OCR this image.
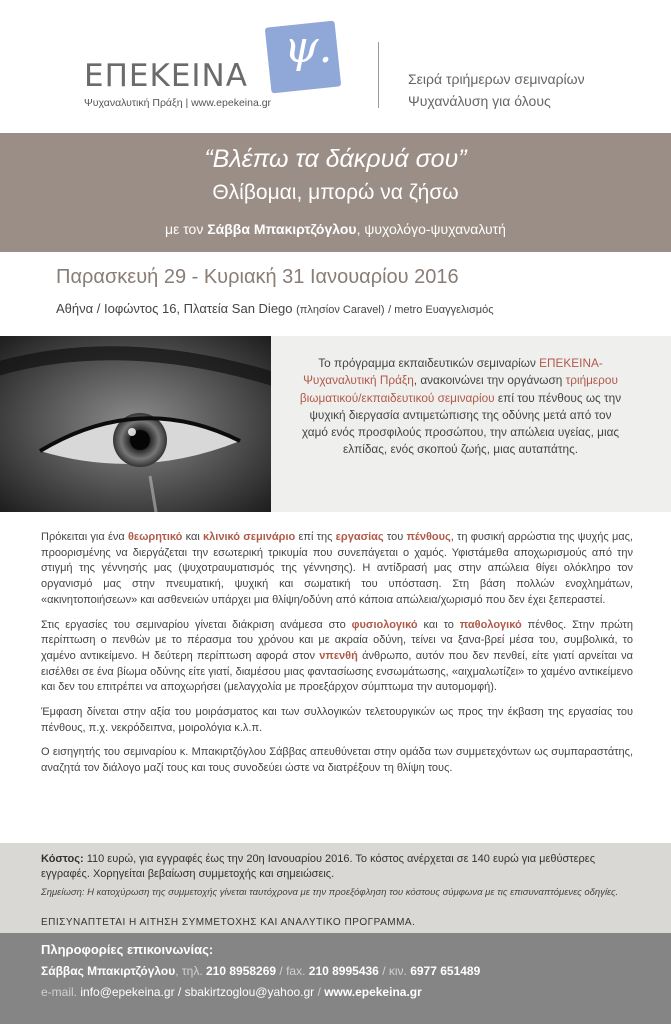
ψ.
ΕΠΕΚΕΙΝΑ
Ψυχαναλυτική Πράξη | www.epekeina.gr
Σειρά τριήμερων σεμιναρίων
Ψυχανάλυση για όλους
“Βλέπω τα δάκρυά σου”
Θλίβομαι, μπορώ να ζήσω
με τον Σάββα Μπακιρτζόγλου, ψυχολόγο-ψυχαναλυτή
Παρασκευή 29 - Κυριακή 31 Ιανουαρίου 2016
Αθήνα / Ιοφώντος 16, Πλατεία San Diego (πλησίον Caravel) / metro Ευαγγελισμός
Το πρόγραμμα εκπαιδευτικών σεμιναρίων ΕΠΕΚΕΙΝΑ-Ψυχαναλυτική Πράξη, ανακοινώνει την οργάνωση τριήμερου βιωματικού/εκπαιδευτικού σεμιναρίου επί του πένθους ως την ψυχική διεργασία αντιμετώπισης της οδύνης μετά από τον χαμό ενός προσφιλούς προσώπου, την απώλεια υγείας, μιας ελπίδας, ενός σκοπού ζωής, μιας αυταπάτης.

Πρόκειται για ένα θεωρητικό και κλινικό σεμινάριο επί της εργασίας του πένθους, τη φυσική αρρώστια της ψυχής μας, προορισμένης να διεργάζεται την εσωτερική τρικυμία που συνεπάγεται ο χαμός. Υφιστάμεθα αποχωρισμούς από την στιγμή της γέννησής μας (ψυχοτραυματισμός της γέννησης). Η αντίδρασή μας στην απώλεια θίγει ολόκληρο τον οργανισμό μας στην πνευματική, ψυχική και σωματική του υπόσταση. Στη βάση πολλών ενοχλημάτων, «ακινητοποιήσεων» και ασθενειών υπάρχει μια θλίψη/οδύνη από κάποια απώλεια/χωρισμό που δεν έχει ξεπεραστεί.

Στις εργασίες του σεμιναρίου γίνεται διάκριση ανάμεσα στο φυσιολογικό και το παθολογικό πένθος. Στην πρώτη περίπτωση ο πενθών με το πέρασμα του χρόνου και με ακραία οδύνη, τείνει να ξανα-βρεί μέσα του, συμβολικά, το χαμένο αντικείμενο. Η δεύτερη περίπτωση αφορά στον ν​πενθή άνθρωπο, αυτόν που δεν πενθεί, είτε γιατί αρνείται να εισέλθει σε ένα βίωμα οδύνης είτε γιατί, διαμέσου μιας φαντασίωσης ενσωμάτωσης, «αιχμαλωτίζει» το χαμένο αντικείμενο και δεν του επιτρέπει να αποχωρήσει (μελαγχολία με προεξάρχον σύμπτωμα την αυτομομφή).

Έμφαση δίνεται στην αξία του μοιράσματος και των συλλογικών τελετουργικών ως προς την έκβαση της εργασίας του πένθους, π.χ. νεκρόδειπνα, μοιρολόγια κ.λ.π.

Ο εισηγητής του σεμιναρίου κ. Μπακιρτζόγλου Σάββας απευθύνεται στην ομάδα των συμμετεχόντων ως συμπαραστάτης, αναζητά τον διάλογο μαζί τους και τους συνοδεύει ώστε να διατρέξουν τη θλίψη τους.

Κόστος: 110 ευρώ, για εγγραφές έως την 20η Ιανουαρίου 2016. Το κόστος ανέρχεται σε 140 ευρώ για μεθύστερες εγγραφές. Χορηγείται βεβαίωση συμμετοχής και σημειώσεις.
Σημείωση: Η κατοχύρωση της συμμετοχής γίνεται ταυτόχρονα με την προεξόφληση του κόστους σύμφωνα με τις επισυναπτόμενες οδηγίες.
ΕΠΙΣΥΝΑΠΤΕΤΑΙ Η ΑΙΤΗΣΗ ΣΥΜΜΕΤΟΧΗΣ ΚΑΙ ΑΝΑΛΥΤΙΚΟ ΠΡΟΓΡΑΜΜΑ.
Πληροφορίες επικοινωνίας:
Σάββας Μπακιρτζόγλου, τηλ. 210 8958269 / fax. 210 8995436 / κιν. 6977 651489
e-mail. info@epekeina.gr / sbakirtzoglou@yahoo.gr / www.epekeina.gr
